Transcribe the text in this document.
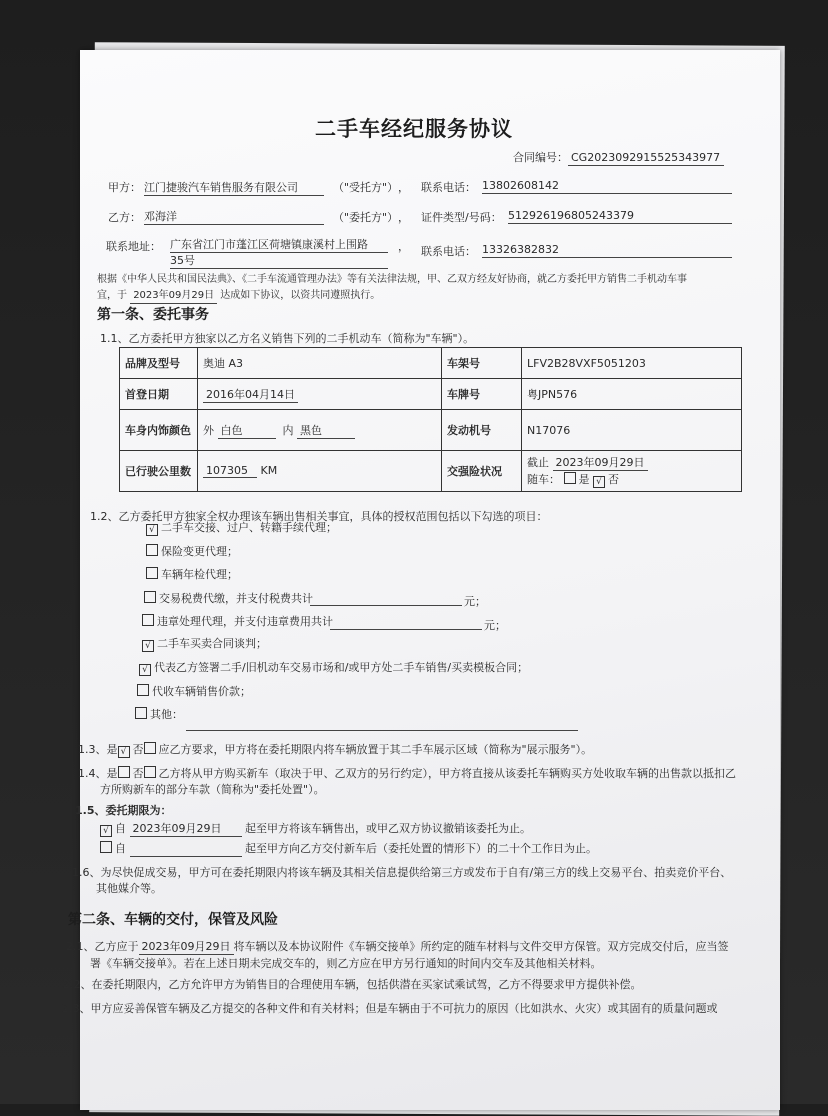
二手车经纪服务协议
合同编号： CG2023092915525343977
甲方： 江门捷骏汽车销售服务有限公司	（"受托方"） ， 联系电话： 13802608142
乙方： 邓海洋	（"委托方"） ， 证件类型/号码： 512926196805243379
联系地址： 广东省江门市蓬江区荷塘镇康溪村上围路	，
35号
联系电话： 13326382832
根据《中华人民共和国民法典》、《二手车流通管理办法》等有关法律法规，甲、乙双方经友好协商，就乙方委托甲方销售二手机动车事
宜，于 2023年09月29日 达成如下协议，以资共同遵照执行。
第一条、委托事务
1.1、乙方委托甲方独家以乙方名义销售下列的二手机动车（简称为"车辆"）。
品牌及型号	奥迪 A3	车架号	LFV2B28VXF5051203
首登日期	2016年04月14日	车牌号	粤JPN576
车身内饰颜色	外 白色 内 黑色	发动机号	N17076
已行驶公里数	107305 KM	交强险状况	截止 2023年09月29日
随车： 是 √ 否
1.2、乙方委托甲方独家全权办理该车辆出售相关事宜，具体的授权范围包括以下勾选的项目：
√ 二手车交接、过户、转籍手续代理；
保险变更代理；
车辆年检代理；
交易税费代缴，并支付税费共计	元；
违章处理代理，并支付违章费用共计	元；
√ 二手车买卖合同谈判；
√ 代表乙方签署二手/旧机动车交易市场和/或甲方处二手车销售/买卖模板合同；
代收车辆销售价款；
其他：
1.3、是 √ 否 应乙方要求，甲方将在委托期限内将车辆放置于其二手车展示区域（简称为"展示服务"）。
1.4、是 否 乙方将从甲方购买新车（取决于甲、乙双方的另行约定），甲方将直接从该委托车辆购买方处收取车辆的出售款以抵扣乙
方所购新车的部分车款（简称为"委托处置"）。
1.5、委托期限为：
√ 自 2023年09月29日 起至甲方将该车辆售出，或甲乙双方协议撤销该委托为止。
自	起至甲方向乙方交付新车后（委托处置的情形下）的二十个工作日为止。
1.6、为尽快促成交易，甲方可在委托期限内将该车辆及其相关信息提供给第三方或发布于自有/第三方的线上交易平台、拍卖竞价平台、
其他媒介等。
第二条、车辆的交付，保管及风险
2.1、乙方应于 2023年09月29日 将车辆以及本协议附件《车辆交接单》所约定的随车材料与文件交甲方保管。双方完成交付后，应当签
署《车辆交接单》。若在上述日期未完成交车的，则乙方应在甲方另行通知的时间内交车及其他相关材料。
2.2、在委托期限内，乙方允许甲方为销售目的合理使用车辆，包括供潜在买家试乘试驾，乙方不得要求甲方提供补偿。
2.3、甲方应妥善保管车辆及乙方提交的各种文件和有关材料；但是车辆由于不可抗力的原因（比如洪水、火灾）或其固有的质量问题或
